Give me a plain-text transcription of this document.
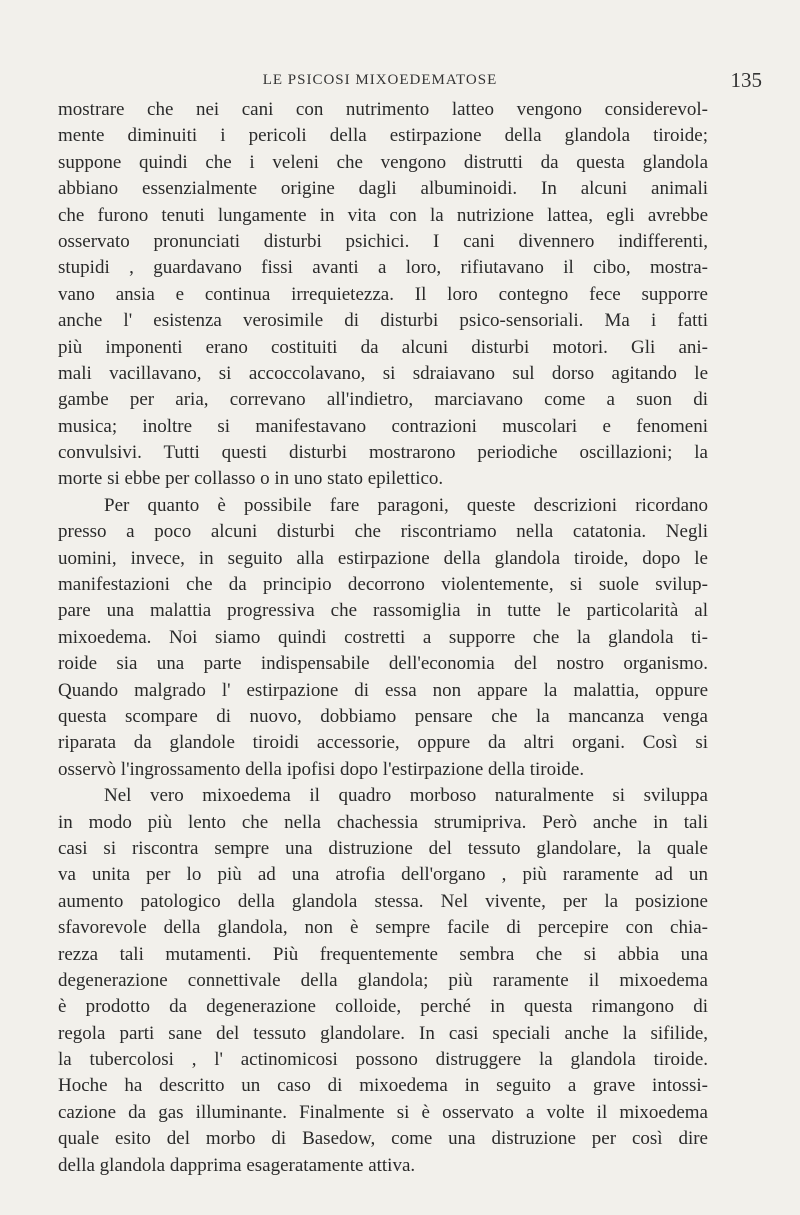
LE PSICOSI MIXOEDEMATOSE	135
mostrare che nei cani con nutrimento latteo vengono considerevol-
mente diminuiti i pericoli della estirpazione della glandola tiroide;
suppone quindi che i veleni che vengono distrutti da questa glandola
abbiano essenzialmente origine dagli albuminoidi. In alcuni animali
che furono tenuti lungamente in vita con la nutrizione lattea, egli avrebbe
osservato pronunciati disturbi psichici. I cani divennero indifferenti,
stupidi , guardavano fissi avanti a loro, rifiutavano il cibo, mostra-
vano ansia e continua irrequietezza. Il loro contegno fece supporre
anche l' esistenza verosimile di disturbi psico-sensoriali. Ma i fatti
più imponenti erano costituiti da alcuni disturbi motori. Gli ani-
mali vacillavano, si accoccolavano, si sdraiavano sul dorso agitando le
gambe per aria, correvano all'indietro, marciavano come a suon di
musica; inoltre si manifestavano contrazioni muscolari e fenomeni
convulsivi. Tutti questi disturbi mostrarono periodiche oscillazioni; la
morte si ebbe per collasso o in uno stato epilettico.
Per quanto è possibile fare paragoni, queste descrizioni ricordano
presso a poco alcuni disturbi che riscontriamo nella catatonia. Negli
uomini, invece, in seguito alla estirpazione della glandola tiroide, dopo le
manifestazioni che da principio decorrono violentemente, si suole svilup-
pare una malattia progressiva che rassomiglia in tutte le particolarità al
mixoedema. Noi siamo quindi costretti a supporre che la glandola ti-
roide sia una parte indispensabile dell'economia del nostro organismo.
Quando malgrado l' estirpazione di essa non appare la malattia, oppure
questa scompare di nuovo, dobbiamo pensare che la mancanza venga
riparata da glandole tiroidi accessorie, oppure da altri organi. Così si
osservò l'ingrossamento della ipofisi dopo l'estirpazione della tiroide.
Nel vero mixoedema il quadro morboso naturalmente si sviluppa
in modo più lento che nella chachessia strumipriva. Però anche in tali
casi si riscontra sempre una distruzione del tessuto glandolare, la quale
va unita per lo più ad una atrofia dell'organo , più raramente ad un
aumento patologico della glandola stessa. Nel vivente, per la posizione
sfavorevole della glandola, non è sempre facile di percepire con chia-
rezza tali mutamenti. Più frequentemente sembra che si abbia una
degenerazione connettivale della glandola; più raramente il mixoedema
è prodotto da degenerazione colloide, perché in questa rimangono di
regola parti sane del tessuto glandolare. In casi speciali anche la sifilide,
la tubercolosi , l' actinomicosi possono distruggere la glandola tiroide.
Hoche ha descritto un caso di mixoedema in seguito a grave intossi-
cazione da gas illuminante. Finalmente si è osservato a volte il mixoedema
quale esito del morbo di Basedow, come una distruzione per così dire
della glandola dapprima esageratamente attiva.
